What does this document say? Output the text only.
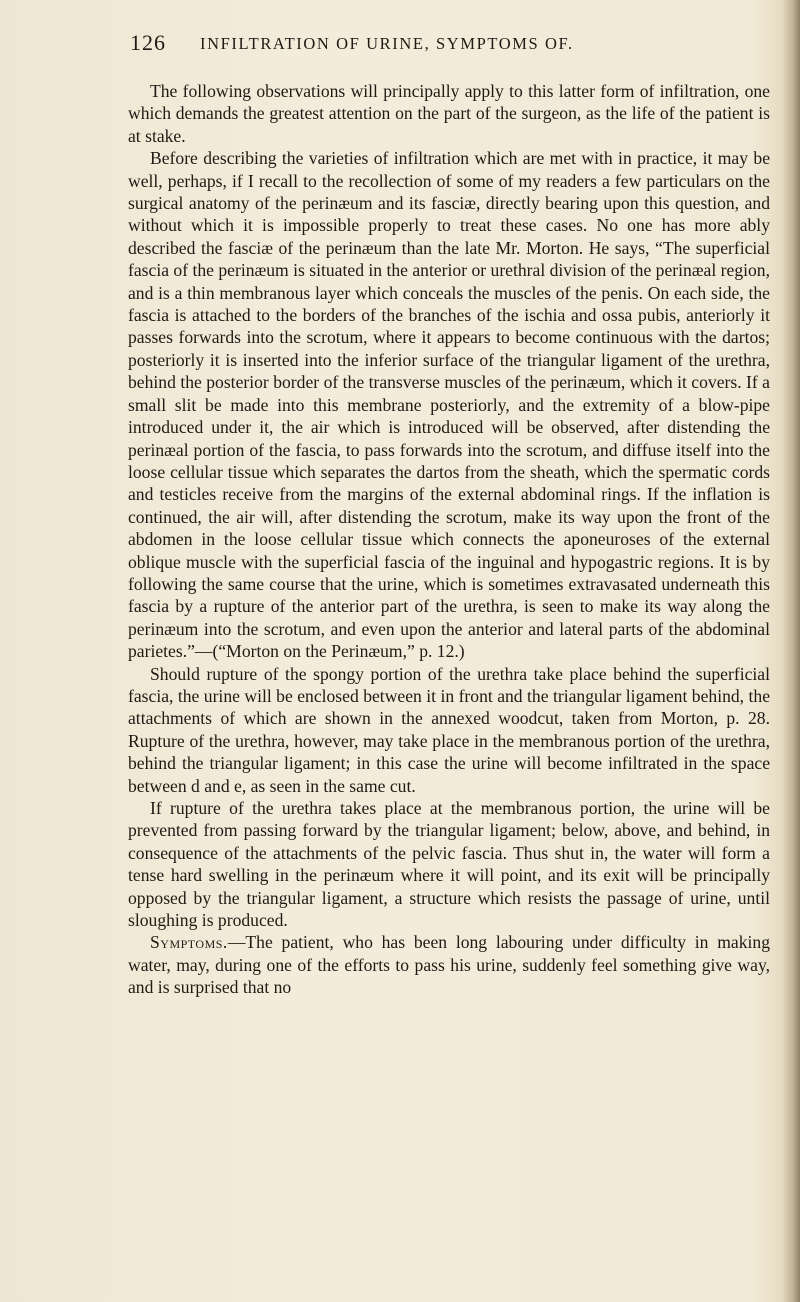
126 INFILTRATION OF URINE, SYMPTOMS OF.

The following observations will principally apply to this latter form of infiltration, one which demands the greatest attention on the part of the surgeon, as the life of the patient is at stake.

Before describing the varieties of infiltration which are met with in practice, it may be well, perhaps, if I recall to the recollection of some of my readers a few particulars on the surgical anatomy of the perinæum and its fasciæ, directly bearing upon this question, and without which it is impossible properly to treat these cases. No one has more ably described the fasciæ of the perinæum than the late Mr. Morton. He says, “The superficial fascia of the perinæum is situated in the anterior or urethral division of the perinæal region, and is a thin membranous layer which conceals the muscles of the penis. On each side, the fascia is attached to the borders of the branches of the ischia and ossa pubis, anteriorly it passes forwards into the scrotum, where it appears to become continuous with the dartos; posteriorly it is inserted into the inferior surface of the triangular ligament of the urethra, behind the posterior border of the transverse muscles of the perinæum, which it covers. If a small slit be made into this membrane posteriorly, and the extremity of a blow-pipe introduced under it, the air which is introduced will be observed, after distending the perinæal portion of the fascia, to pass forwards into the scrotum, and diffuse itself into the loose cellular tissue which separates the dartos from the sheath, which the spermatic cords and testicles receive from the margins of the external abdominal rings. If the inflation is continued, the air will, after distending the scrotum, make its way upon the front of the abdomen in the loose cellular tissue which connects the aponeuroses of the external oblique muscle with the superficial fascia of the inguinal and hypogastric regions. It is by following the same course that the urine, which is sometimes extravasated underneath this fascia by a rupture of the anterior part of the urethra, is seen to make its way along the perinæum into the scrotum, and even upon the anterior and lateral parts of the abdominal parietes.”—(“Morton on the Perinæum,” p. 12.)

Should rupture of the spongy portion of the urethra take place behind the superficial fascia, the urine will be enclosed between it in front and the triangular ligament behind, the attachments of which are shown in the annexed woodcut, taken from Morton, p. 28. Rupture of the urethra, however, may take place in the membranous portion of the urethra, behind the triangular ligament; in this case the urine will become infiltrated in the space between d and e, as seen in the same cut.

If rupture of the urethra takes place at the membranous portion, the urine will be prevented from passing forward by the triangular ligament; below, above, and behind, in consequence of the attachments of the pelvic fascia. Thus shut in, the water will form a tense hard swelling in the perinæum where it will point, and its exit will be principally opposed by the triangular ligament, a structure which resists the passage of urine, until sloughing is produced.

Symptoms.—The patient, who has been long labouring under difficulty in making water, may, during one of the efforts to pass his urine, suddenly feel something give way, and is surprised that no
